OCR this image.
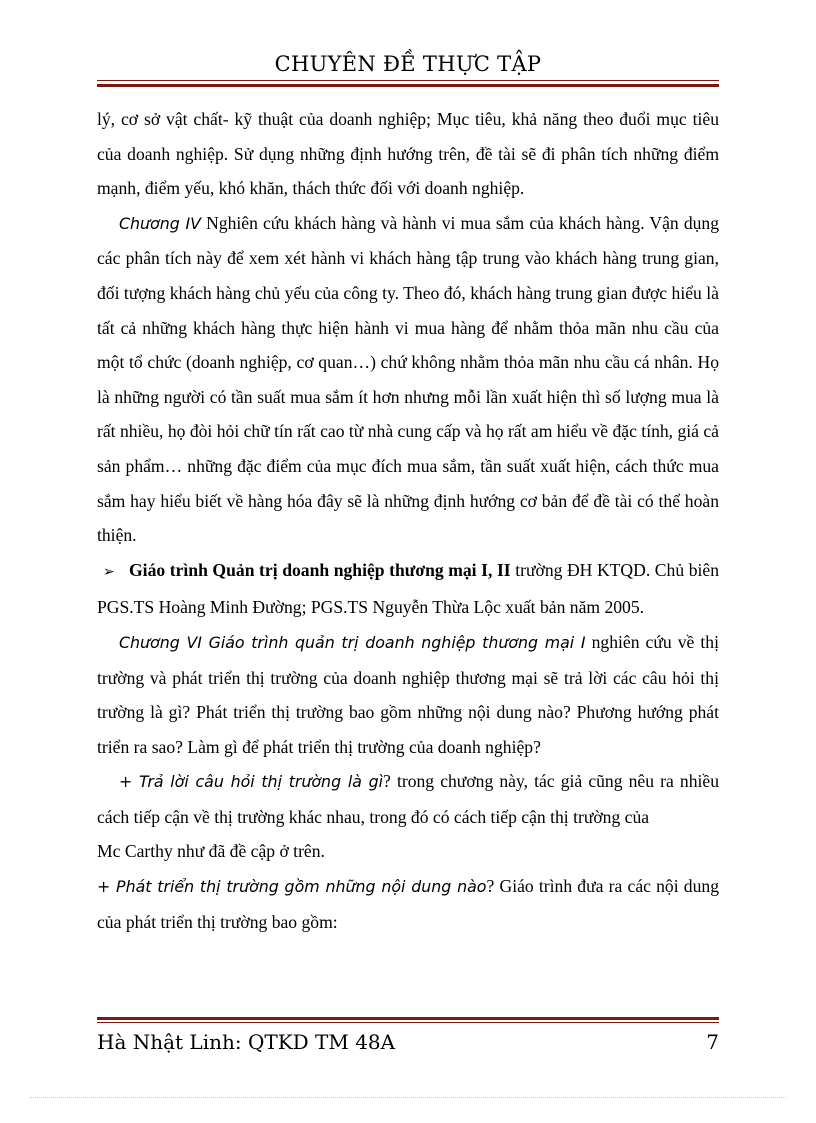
CHUYÊN ĐỀ THỰC TẬP

lý, cơ sở vật chất- kỹ thuật của doanh nghiệp; Mục tiêu, khả năng theo đuổi mục tiêu của doanh nghiệp. Sử dụng những định hướng trên, đề tài sẽ đi phân tích những điểm mạnh, điểm yếu, khó khăn, thách thức đối với doanh nghiệp.

Chương IV Nghiên cứu khách hàng và hành vi mua sắm của khách hàng. Vận dụng các phân tích này để xem xét hành vi khách hàng tập trung vào khách hàng trung gian, đối tượng khách hàng chủ yếu của công ty. Theo đó, khách hàng trung gian được hiểu là tất cả những khách hàng thực hiện hành vi mua hàng để nhằm thỏa mãn nhu cầu của một tổ chức (doanh nghiệp, cơ quan…) chứ không nhằm thỏa mãn nhu cầu cá nhân. Họ là những người có tần suất mua sắm ít hơn nhưng mỗi lần xuất hiện thì số lượng mua là rất nhiều, họ đòi hỏi chữ tín rất cao từ nhà cung cấp và họ rất am hiểu về đặc tính, giá cả sản phẩm… những đặc điểm của mục đích mua sắm, tần suất xuất hiện, cách thức mua sắm hay hiểu biết về hàng hóa đây sẽ là những định hướng cơ bản để đề tài có thể hoàn thiện.

➢ Giáo trình Quản trị doanh nghiệp thương mại I, II trường ĐH KTQD. Chủ biên PGS.TS Hoàng Minh Đường; PGS.TS Nguyễn Thừa Lộc xuất bản năm 2005.

Chương VI Giáo trình quản trị doanh nghiệp thương mại I nghiên cứu về thị trường và phát triển thị trường của doanh nghiệp thương mại sẽ trả lời các câu hỏi thị trường là gì? Phát triển thị trường bao gồm những nội dung nào? Phương hướng phát triển ra sao? Làm gì để phát triển thị trường của doanh nghiệp?

+ Trả lời câu hỏi thị trường là gì? trong chương này, tác giả cũng nêu ra nhiều cách tiếp cận về thị trường khác nhau, trong đó có cách tiếp cận thị trường của

Mc Carthy như đã đề cập ở trên.

+ Phát triển thị trường gồm những nội dung nào? Giáo trình đưa ra các nội dung của phát triển thị trường bao gồm:

Hà Nhật Linh: QTKD TM 48A	7
